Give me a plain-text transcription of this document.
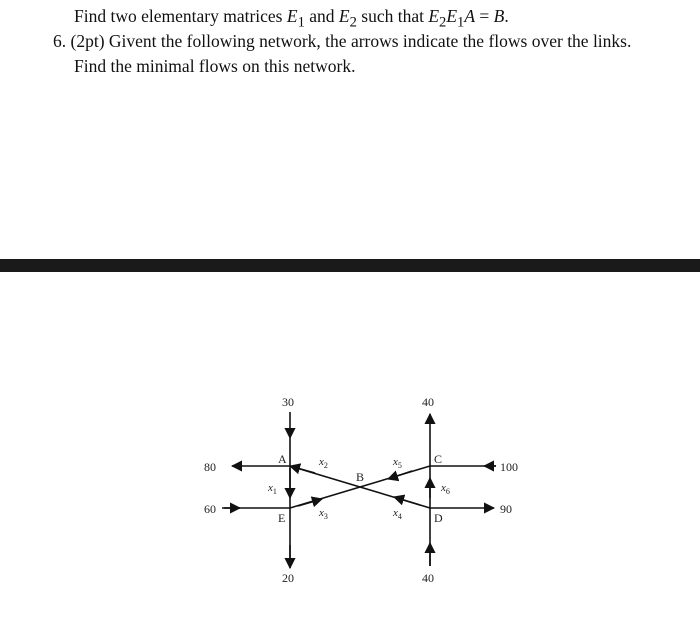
Find two elementary matrices $E_1$ and $E_2$ such that $E_2E_1A = B$.
6. (2pt) Givent the following network, the arrows indicate the flows over the links.
Find the minimal flows on this network.
A
B
C
D
E
30	40
80
60
100
90
20	40
$x_1$
$x_2$
$x_3$	$x_4$
$x_5$
$x_6$
